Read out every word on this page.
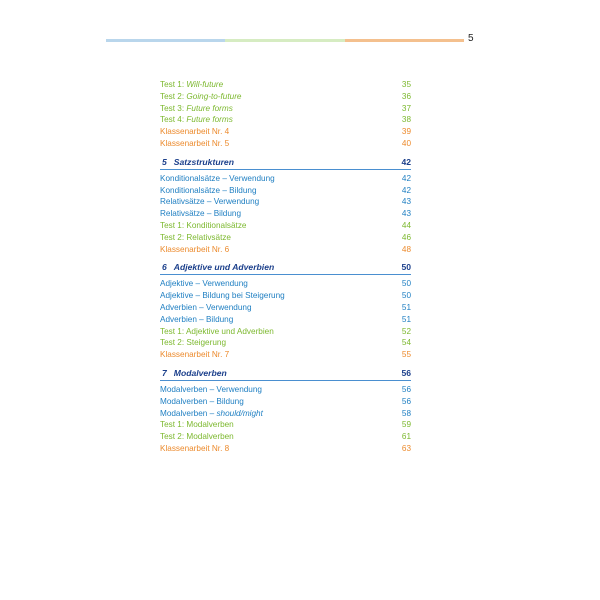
5
Test 1: Will-future	35
Test 2: Going-to-future	36
Test 3: Future forms	37
Test 4: Future forms	38
Klassenarbeit Nr. 4	39
Klassenarbeit Nr. 5	40
5 Satzstrukturen	42
Konditionalsätze – Verwendung	42
Konditionalsätze – Bildung	42
Relativsätze – Verwendung	43
Relativsätze – Bildung	43
Test 1: Konditionalsätze	44
Test 2: Relativsätze	46
Klassenarbeit Nr. 6	48
6 Adjektive und Adverbien	50
Adjektive – Verwendung	50
Adjektive – Bildung bei Steigerung	50
Adverbien – Verwendung	51
Adverbien – Bildung	51
Test 1: Adjektive und Adverbien	52
Test 2: Steigerung	54
Klassenarbeit Nr. 7	55
7 Modalverben	56
Modalverben – Verwendung	56
Modalverben – Bildung	56
Modalverben – should/might	58
Test 1: Modalverben	59
Test 2: Modalverben	61
Klassenarbeit Nr. 8	63
